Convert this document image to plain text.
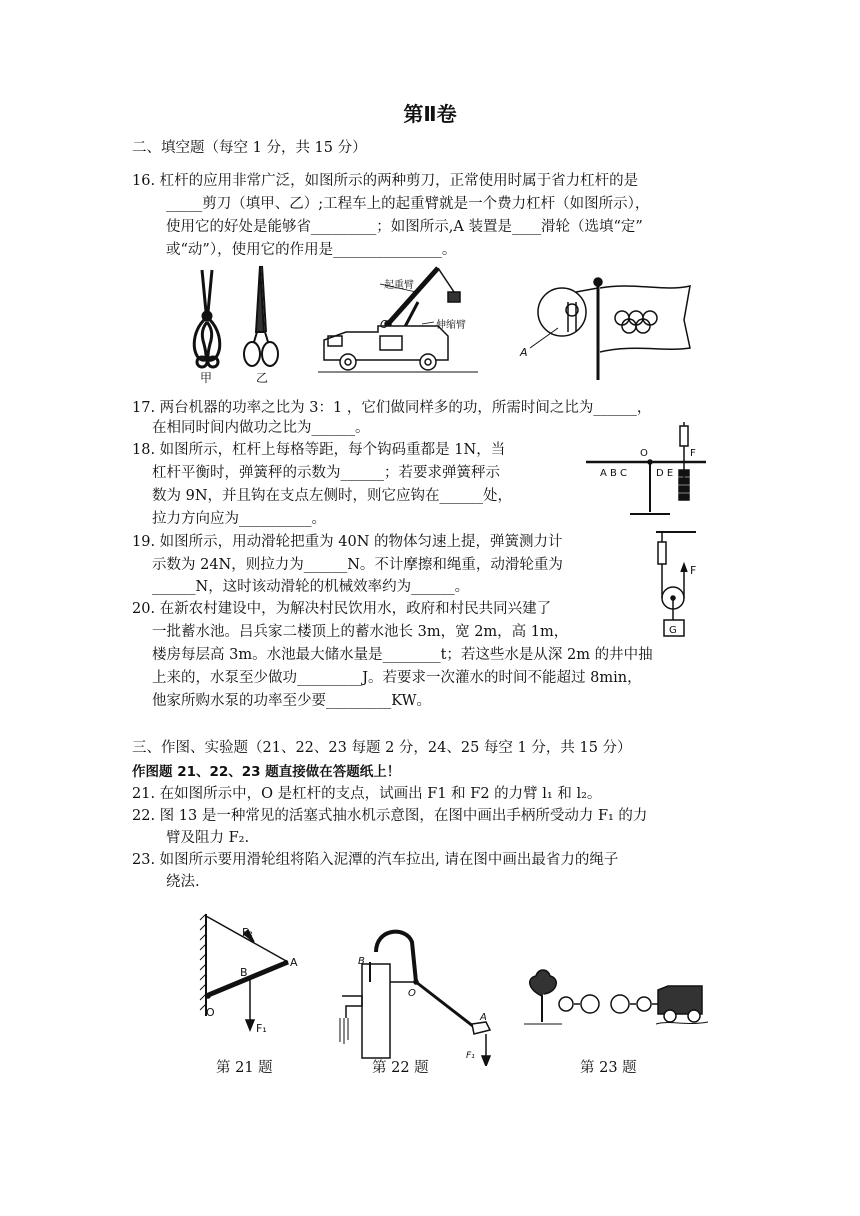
第Ⅱ卷
二、填空题（每空 1 分，共 15 分）
16. 杠杆的应用非常广泛，如图所示的两种剪刀，正常使用时属于省力杠杆的是
_____剪刀（填甲、乙）;工程车上的起重臂就是一个费力杠杆（如图所示），
使用它的好处是能够省_________；如图所示,A 装置是____滑轮（选填“定”
或“动”），使用它的作用是_______________。
甲	乙
起重臂
伸缩臂
O
A
17. 两台机器的功率之比为 3：1 ，它们做同样多的功，所需时间之比为______，
在相同时间内做功之比为______。
18. 如图所示，杠杆上每格等距，每个钩码重都是 1N，当
杠杆平衡时，弹簧秤的示数为______；若要求弹簧秤示
数为 9N，并且钩在支点左侧时，则它应钩在______处，
拉力方向应为__________。
O	F
A B C	D E
19. 如图所示，用动滑轮把重为 40N 的物体匀速上提，弹簧测力计
示数为 24N，则拉力为______N。不计摩擦和绳重，动滑轮重为
______N，这时该动滑轮的机械效率约为______。
F
G
20. 在新农村建设中，为解决村民饮用水，政府和村民共同兴建了
一批蓄水池。吕兵家二楼顶上的蓄水池长 3m，宽 2m，高 1m，
楼房每层高 3m。水池最大储水量是________t；若这些水是从深 2m 的井中抽
上来的，水泵至少做功_________J。若要求一次灌水的时间不能超过 8min，
他家所购水泵的功率至少要_________KW。
三、作图、实验题（21、22、23 每题 2 分，24、25 每空 1 分，共 15 分）
作图题 21、22、23 题直接做在答题纸上！
21. 在如图所示中，O 是杠杆的支点，试画出 F1 和 F2 的力臂 l₁ 和 l₂。
22. 图 13 是一种常见的活塞式抽水机示意图，在图中画出手柄所受动力 F₁ 的力
臂及阻力 F₂.
23. 如图所示要用滑轮组将陷入泥潭的汽车拉出, 请在图中画出最省力的绳子
绕法.
F₂
A
B
O
F₁
B
O
A
F₁
第 21 题	第 22 题	第 23 题
